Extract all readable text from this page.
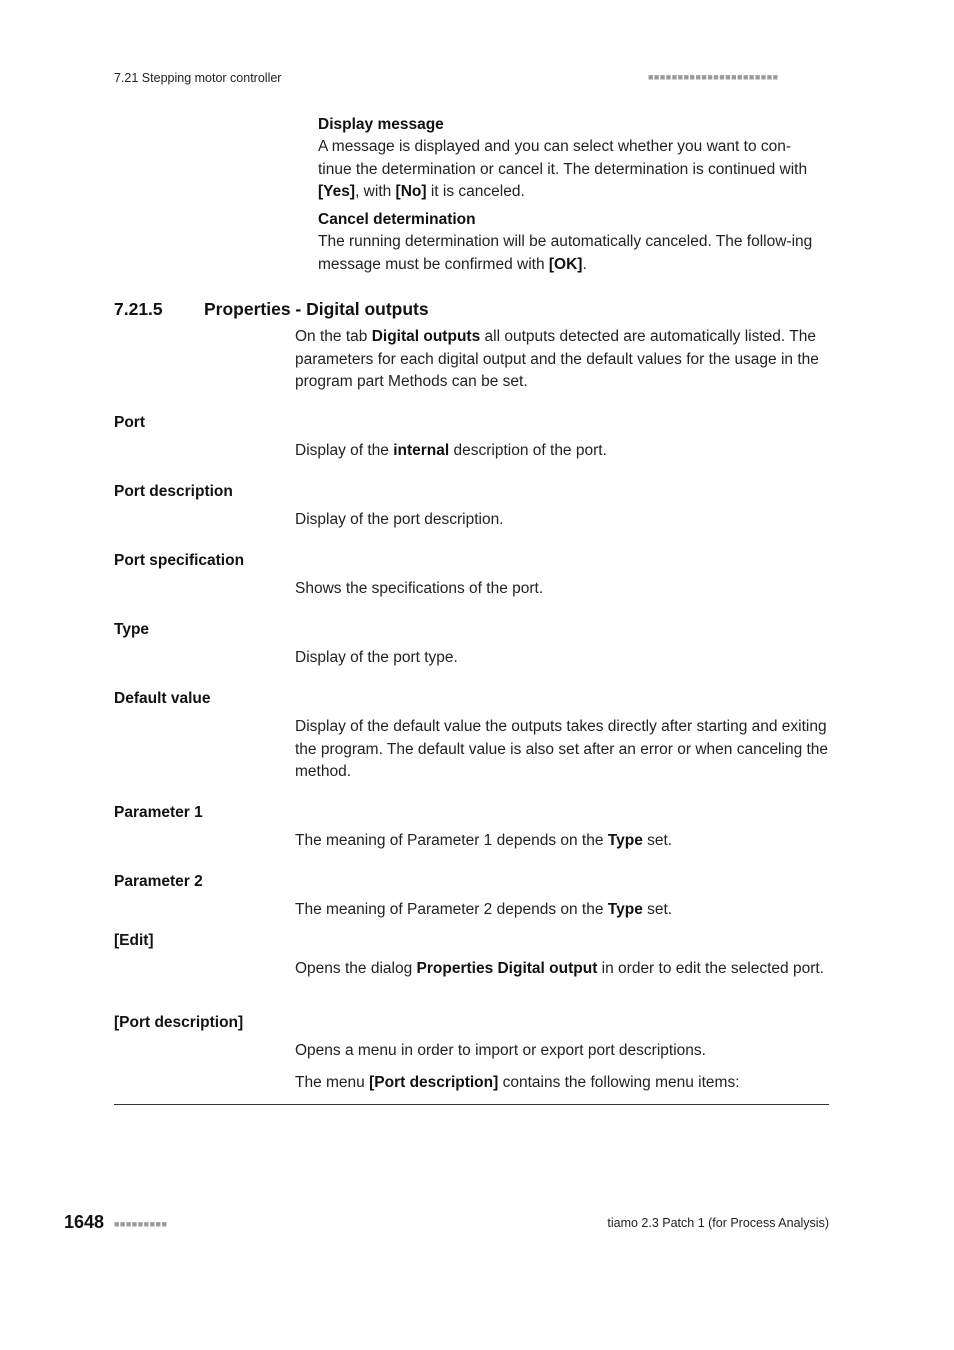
7.21 Stepping motor controller	■■■■■■■■■■■■■■■■■■■■■■
Display message
A message is displayed and you can select whether you want to con-tinue the determination or cancel it. The determination is continued with [Yes], with [No] it is canceled.
Cancel determination
The running determination will be automatically canceled. The follow-ing message must be confirmed with [OK].
7.21.5 Properties - Digital outputs
On the tab Digital outputs all outputs detected are automatically listed. The parameters for each digital output and the default values for the usage in the program part Methods can be set.
Port
Display of the internal description of the port.
Port description
Display of the port description.
Port specification
Shows the specifications of the port.
Type
Display of the port type.
Default value
Display of the default value the outputs takes directly after starting and exiting the program. The default value is also set after an error or when canceling the method.
Parameter 1
The meaning of Parameter 1 depends on the Type set.
Parameter 2
The meaning of Parameter 2 depends on the Type set.
[Edit]
Opens the dialog Properties Digital output in order to edit the selected port.
[Port description]
Opens a menu in order to import or export port descriptions.
The menu [Port description] contains the following menu items:
1648 ■■■■■■■■■	tiamo 2.3 Patch 1 (for Process Analysis)
